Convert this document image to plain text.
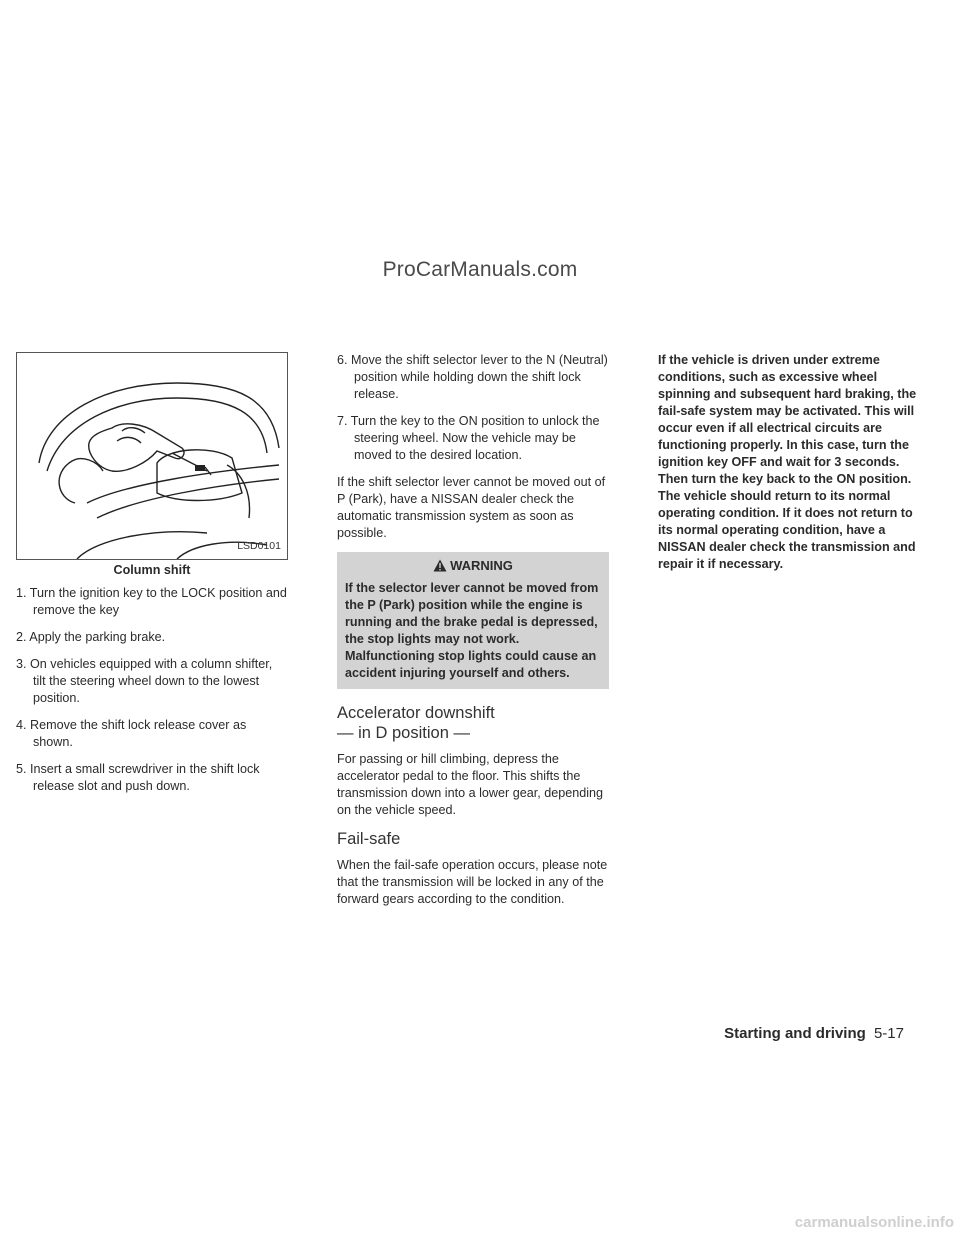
ProCarManuals.com
LSD0101
Column shift

1. Turn the ignition key to the LOCK position and remove the key

2. Apply the parking brake.

3. On vehicles equipped with a column shifter, tilt the steering wheel down to the lowest position.

4. Remove the shift lock release cover as shown.

5. Insert a small screwdriver in the shift lock release slot and push down.

6. Move the shift selector lever to the N (Neutral) position while holding down the shift lock release.

7. Turn the key to the ON position to unlock the steering wheel. Now the vehicle may be moved to the desired location.

If the shift selector lever cannot be moved out of P (Park), have a NISSAN dealer check the automatic transmission system as soon as possible.

WARNING
If the selector lever cannot be moved from the P (Park) position while the engine is running and the brake pedal is depressed, the stop lights may not work. Malfunctioning stop lights could cause an accident injuring yourself and others.
Accelerator downshift
— in D position —

For passing or hill climbing, depress the accelerator pedal to the floor. This shifts the transmission down into a lower gear, depending on the vehicle speed.

Fail-safe

When the fail-safe operation occurs, please note that the transmission will be locked in any of the forward gears according to the condition.

If the vehicle is driven under extreme conditions, such as excessive wheel spinning and subsequent hard braking, the fail-safe system may be activated. This will occur even if all electrical circuits are functioning properly. In this case, turn the ignition key OFF and wait for 3 seconds. Then turn the key back to the ON position. The vehicle should return to its normal operating condition. If it does not return to its normal operating condition, have a NISSAN dealer check the transmission and repair it if necessary.
Starting and driving 5-17
carmanualsonline.info
